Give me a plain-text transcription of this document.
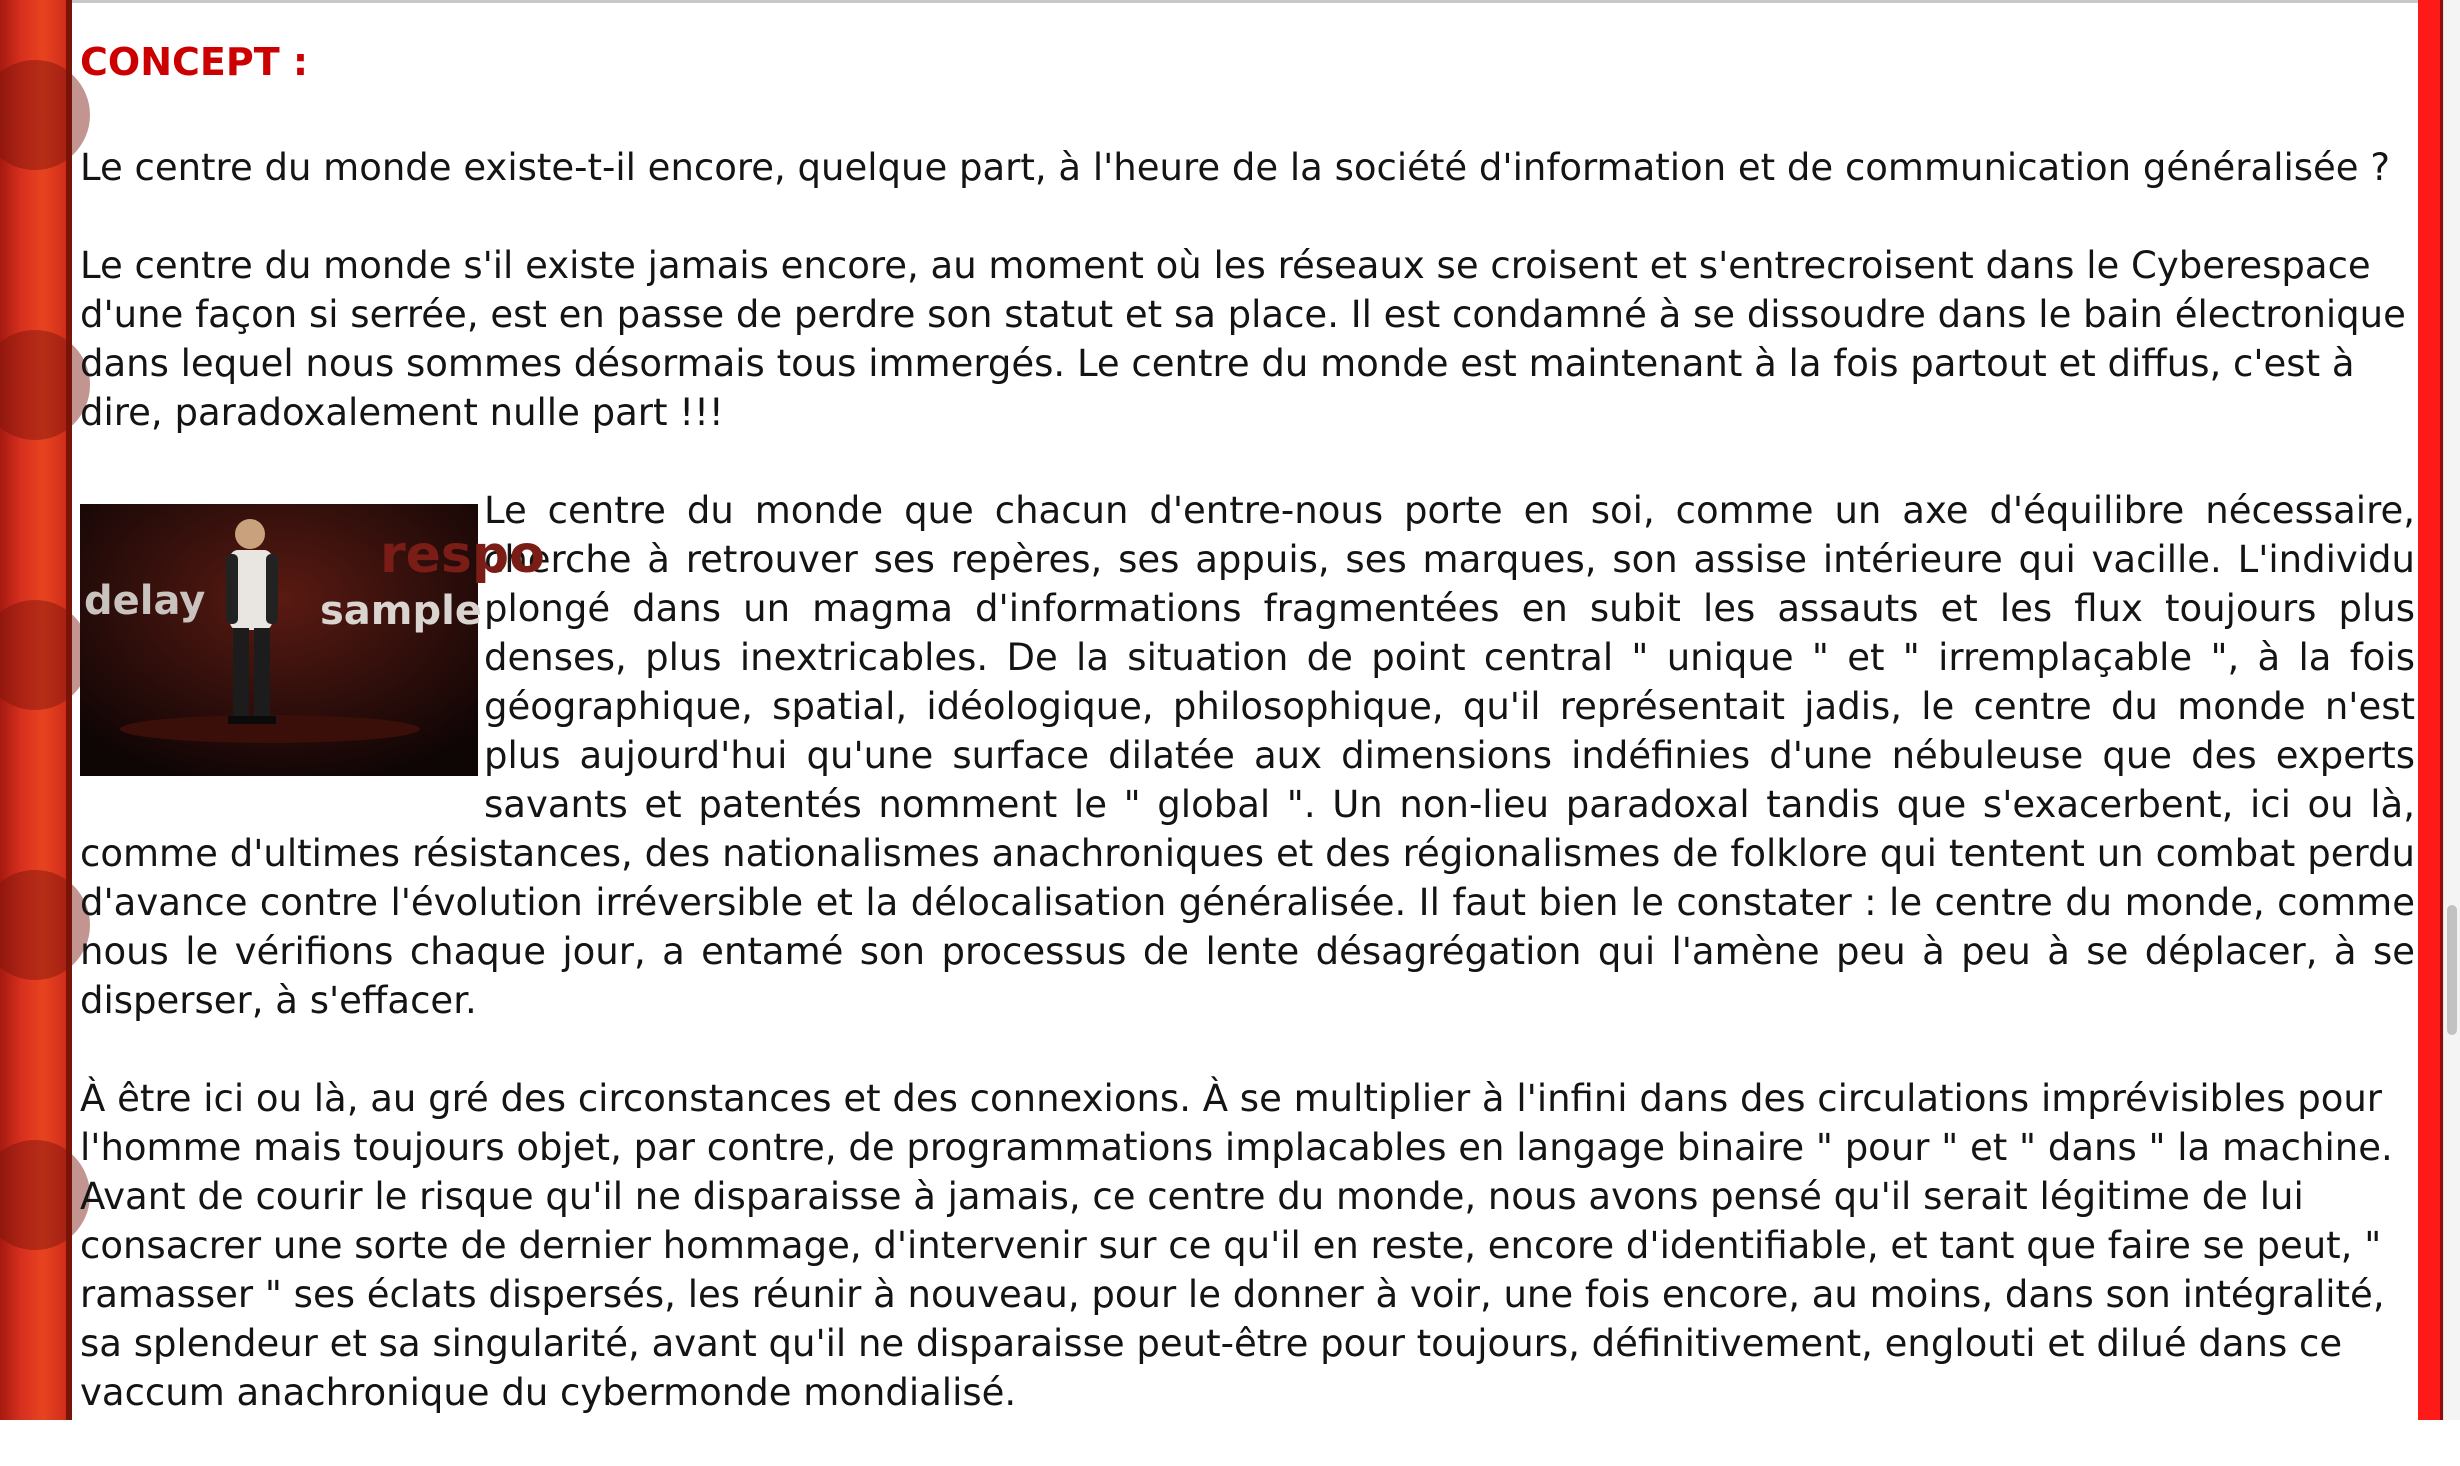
CONCEPT :

Le centre du monde existe-t-il encore, quelque part, à l'heure de la société d'information et de communication généralisée ?

Le centre du monde s'il existe jamais encore, au moment où les réseaux se croisent et s'entrecroisent dans le Cyberespace d'une façon si serrée, est en passe de perdre son statut et sa place. Il est condamné à se dissoudre dans le bain électronique dans lequel nous sommes désormais tous immergés. Le centre du monde est maintenant à la fois partout et diffus, c'est à dire, paradoxalement nulle part !!!

respo
delay	sample

Le centre du monde que chacun d'entre-nous porte en soi, comme un axe d'équilibre nécessaire, cherche à retrouver ses repères, ses appuis, ses marques, son assise intérieure qui vacille. L'individu plongé dans un magma d'informations fragmentées en subit les assauts et les flux toujours plus denses, plus inextricables. De la situation de point central " unique " et " irremplaçable ", à la fois géographique, spatial, idéologique, philosophique, qu'il représentait jadis, le centre du monde n'est plus aujourd'hui qu'une surface dilatée aux dimensions indéfinies d'une nébuleuse que des experts savants et patentés nomment le " global ". Un non-lieu paradoxal tandis que s'exacerbent, ici ou là, comme d'ultimes résistances, des nationalismes anachroniques et des régionalismes de folklore qui tentent un combat perdu d'avance contre l'évolution irréversible et la délocalisation généralisée. Il faut bien le constater : le centre du monde, comme nous le vérifions chaque jour, a entamé son processus de lente désagrégation qui l'amène peu à peu à se déplacer, à se disperser, à s'effacer.

À être ici ou là, au gré des circonstances et des connexions. À se multiplier à l'infini dans des circulations imprévisibles pour l'homme mais toujours objet, par contre, de programmations implacables en langage binaire " pour " et " dans " la machine. Avant de courir le risque qu'il ne disparaisse à jamais, ce centre du monde, nous avons pensé qu'il serait légitime de lui consacrer une sorte de dernier hommage, d'intervenir sur ce qu'il en reste, encore d'identifiable, et tant que faire se peut, " ramasser " ses éclats dispersés, les réunir à nouveau, pour le donner à voir, une fois encore, au moins, dans son intégralité, sa splendeur et sa singularité, avant qu'il ne disparaisse peut-être pour toujours, définitivement, englouti et dilué dans ce vaccum anachronique du cybermonde mondialisé.
